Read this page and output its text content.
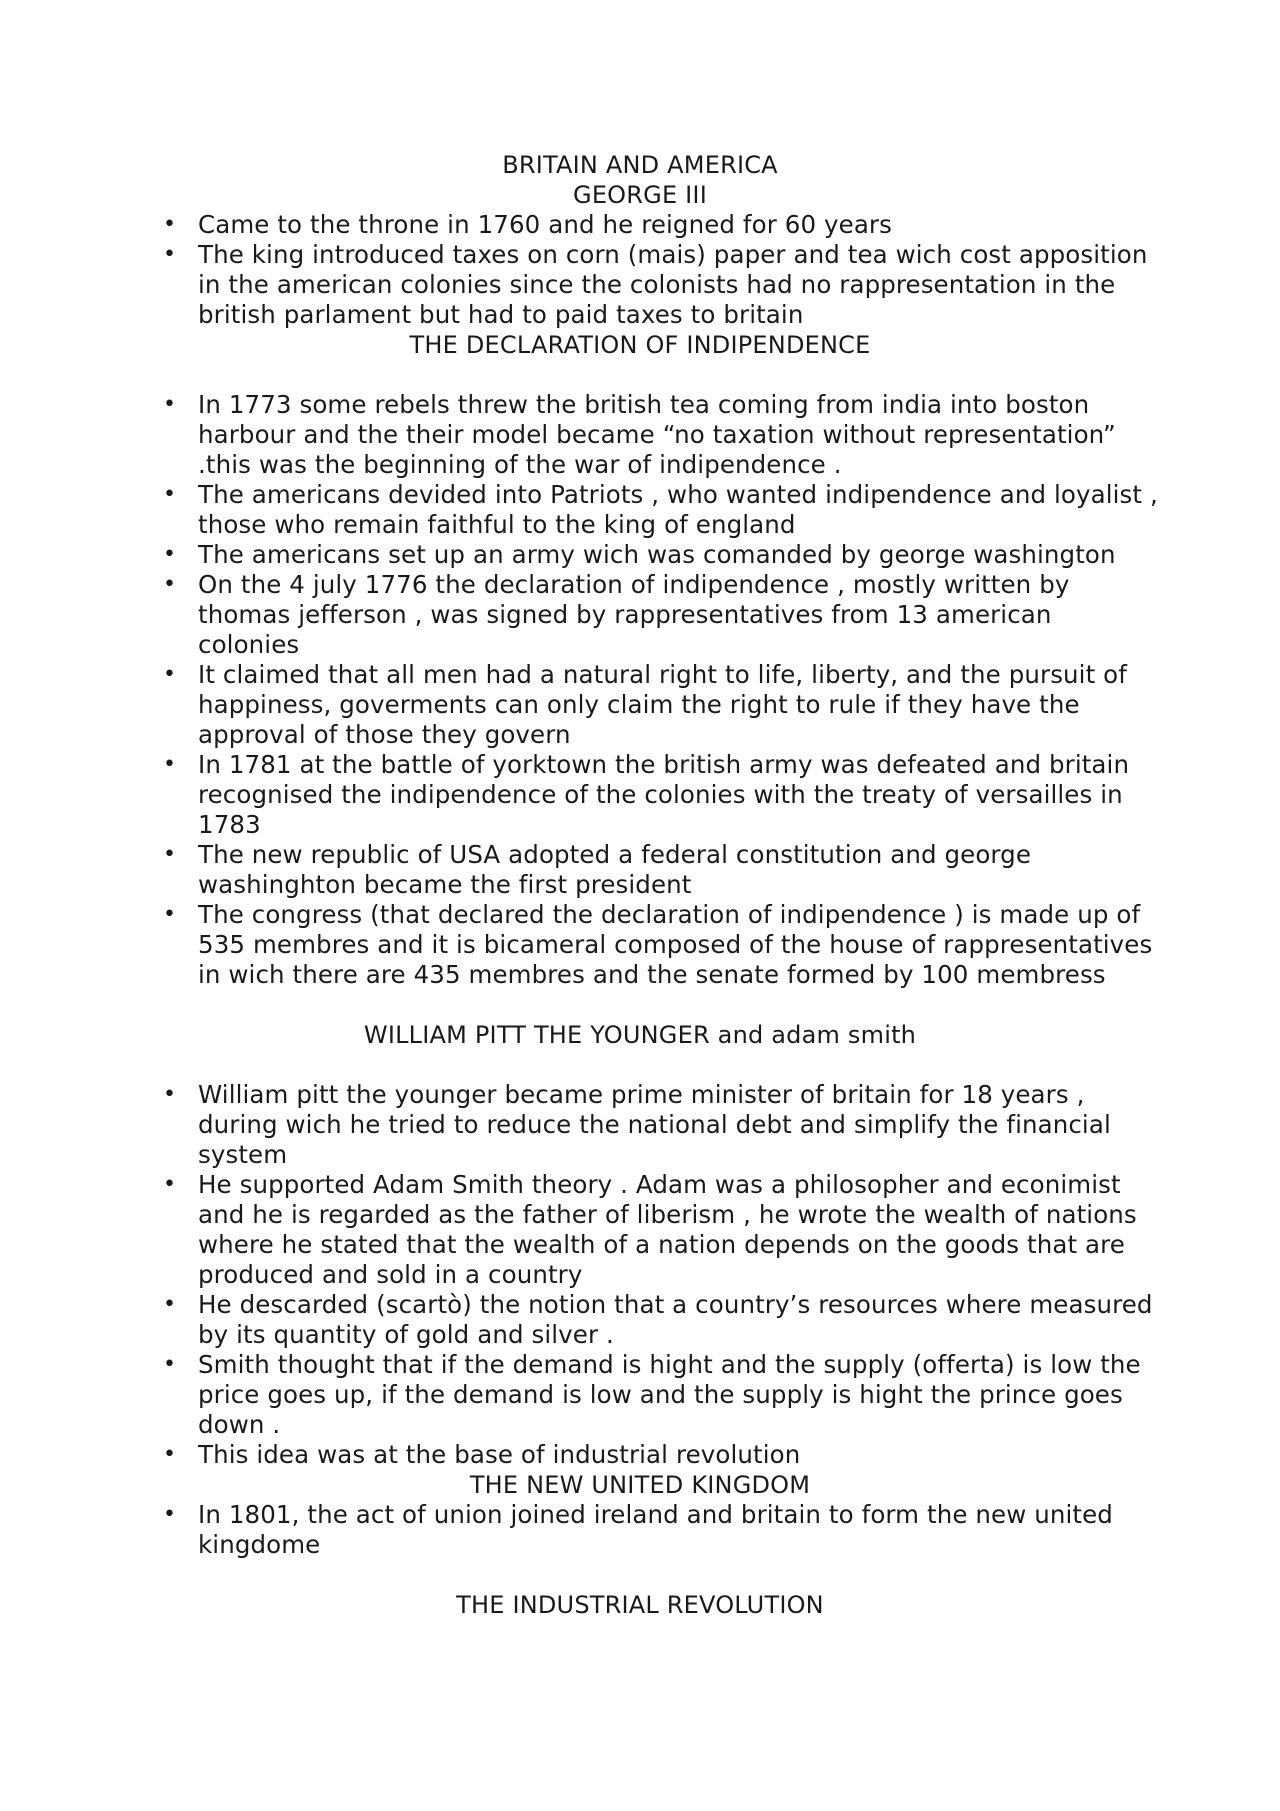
BRITAIN AND AMERICA
GEORGE III
• Came to the throne in 1760 and he reigned for 60 years
• The king introduced taxes on corn (mais) paper and tea wich cost apposition in the american colonies since the colonists had no rappresentation in the british parlament but had to paid taxes to britain
THE DECLARATION OF INDIPENDENCE
• In 1773 some rebels threw the british tea coming from india into boston harbour and the their model became “no taxation without representation” .this was the beginning of the war of indipendence .
• The americans devided into Patriots , who wanted indipendence and loyalist , those who remain faithful to the king of england
• The americans set up an army wich was comanded by george washington
• On the 4 july 1776 the declaration of indipendence , mostly written by thomas jefferson , was signed by rappresentatives from 13 american colonies
• It claimed that all men had a natural right to life, liberty, and the pursuit of happiness, goverments can only claim the right to rule if they have the approval of those they govern
• In 1781 at the battle of yorktown the british army was defeated and britain recognised the indipendence of the colonies with the treaty of versailles in 1783
• The new republic of USA adopted a federal constitution and george washinghton became the first president
• The congress (that declared the declaration of indipendence ) is made up of 535 membres and it is bicameral composed of the house of rappresentatives in wich there are 435 membres and the senate formed by 100 membress
WILLIAM PITT THE YOUNGER and adam smith
• William pitt the younger became prime minister of britain for 18 years , during wich he tried to reduce the national debt and simplify the financial system
• He supported Adam Smith theory . Adam was a philosopher and econimist and he is regarded as the father of liberism , he wrote the wealth of nations where he stated that the wealth of a nation depends on the goods that are produced and sold in a country
• He descarded (scartò) the notion that a country’s resources where measured by its quantity of gold and silver .
• Smith thought that if the demand is hight and the supply (offerta) is low the price goes up, if the demand is low and the supply is hight the prince goes down .
• This idea was at the base of industrial revolution
THE NEW UNITED KINGDOM
• In 1801, the act of union joined ireland and britain to form the new united kingdome
THE INDUSTRIAL REVOLUTION
